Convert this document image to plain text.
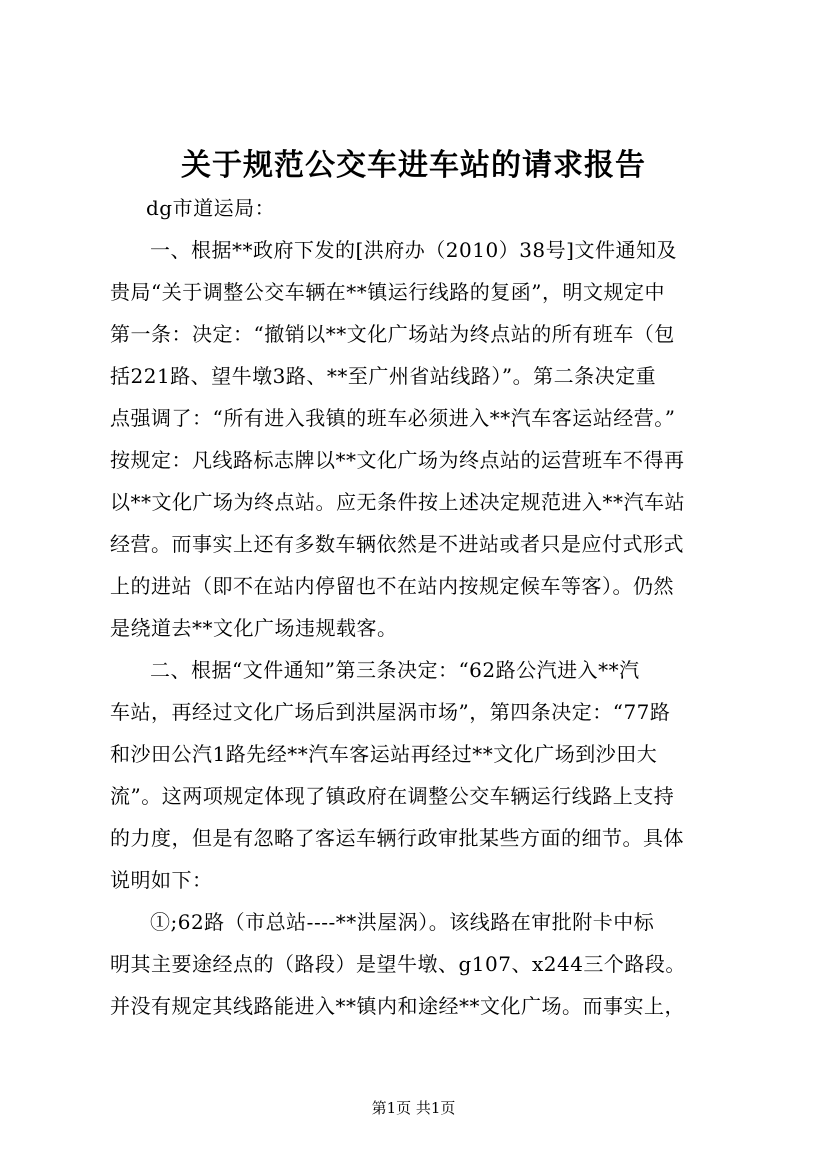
关于规范公交车进车站的请求报告
dg市道运局：
一、根据**政府下发的[洪府办（2010）38号]文件通知及
贵局“关于调整公交车辆在**镇运行线路的复函”，明文规定中
第一条：决定：“撤销以**文化广场站为终点站的所有班车（包
括221路、望牛墩3路、**至广州省站线路）”。第二条决定重
点强调了：“所有进入我镇的班车必须进入**汽车客运站经营。”
按规定：凡线路标志牌以**文化广场为终点站的运营班车不得再
以**文化广场为终点站。应无条件按上述决定规范进入**汽车站
经营。而事实上还有多数车辆依然是不进站或者只是应付式形式
上的进站（即不在站内停留也不在站内按规定候车等客）。仍然
是绕道去**文化广场违规载客。
二、根据“文件通知”第三条决定：“62路公汽进入**汽
车站，再经过文化广场后到洪屋涡市场”，第四条决定：“77路
和沙田公汽1路先经**汽车客运站再经过**文化广场到沙田大
流”。这两项规定体现了镇政府在调整公交车辆运行线路上支持
的力度，但是有忽略了客运车辆行政审批某些方面的细节。具体
说明如下：
①;62路（市总站----**洪屋涡）。该线路在审批附卡中标
明其主要途经点的（路段）是望牛墩、g107、x244三个路段。
并没有规定其线路能进入**镇内和途经**文化广场。而事实上，
第1页 共1页
